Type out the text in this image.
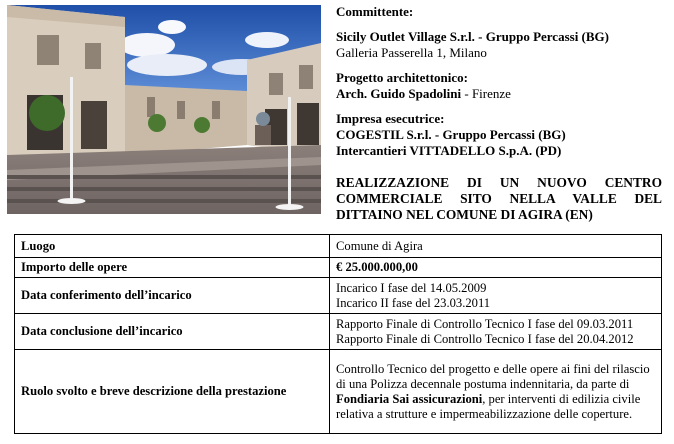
Committente:
Sicily Outlet Village S.r.l. - Gruppo Percassi (BG)
Galleria Passerella 1, Milano
Progetto architettonico:
Arch. Guido Spadolini - Firenze
Impresa esecutrice:
COGESTIL S.r.l. - Gruppo Percassi (BG)
Intercantieri VITTADELLO S.p.A. (PD)
REALIZZAZIONE DI UN NUOVO CENTRO COMMERCIALE SITO NELLA VALLE DEL DITTAINO NEL COMUNE DI AGIRA (EN)
Luogo	Comune di Agira
Importo delle opere	€ 25.000.000,00
Data conferimento dell’incarico	Incarico I fase del 14.05.2009
Incarico II fase del 23.03.2011

Data conclusione dell’incarico	Rapporto Finale di Controllo Tecnico I fase del 09.03.2011
Rapporto Finale di Controllo Tecnico I fase del 20.04.2012

Ruolo svolto e breve descrizione della prestazione	Controllo Tecnico del progetto e delle opere ai fini del rilascio di una Polizza decennale postuma indennitaria, da parte di Fondiaria Sai assicurazioni, per interventi di edilizia civile relativa a strutture e impermeabilizzazione delle coperture.
